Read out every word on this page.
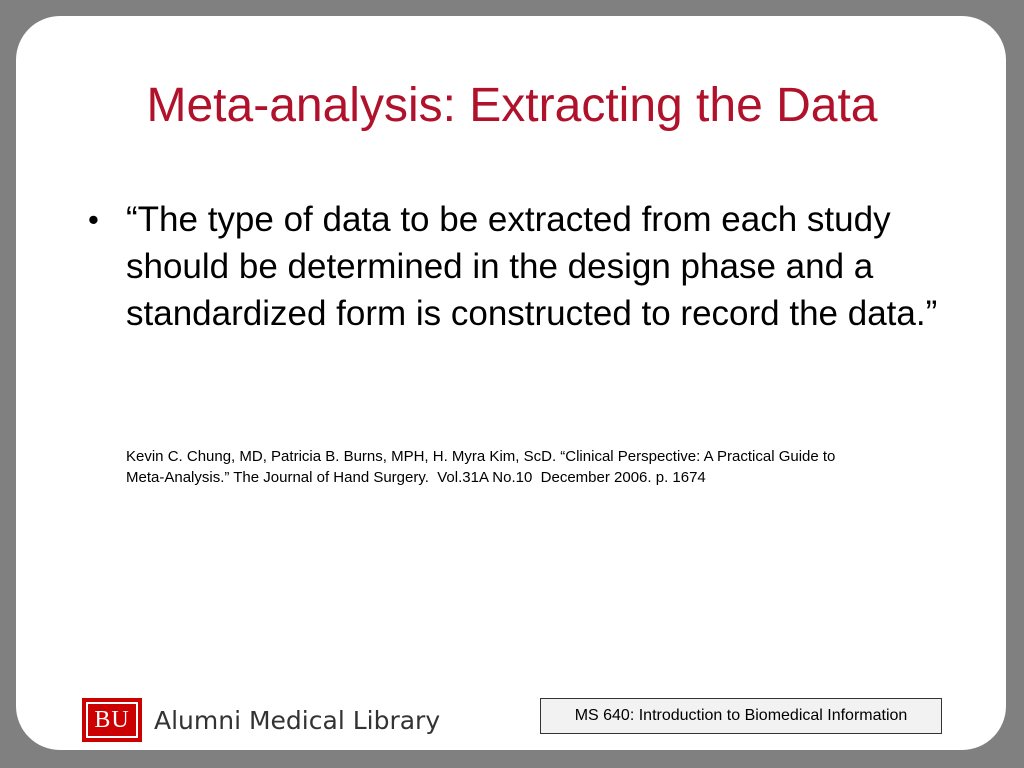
Meta-analysis: Extracting the Data
• “The type of data to be extracted from each study should be determined in the design phase and a standardized form is constructed to record the data.”
Kevin C. Chung, MD, Patricia B. Burns, MPH, H. Myra Kim, ScD. “Clinical Perspective: A Practical Guide to
Meta-Analysis.” The Journal of Hand Surgery.  Vol.31A No.10  December 2006. p. 1674
BU Alumni Medical Library	MS 640: Introduction to Biomedical Information
